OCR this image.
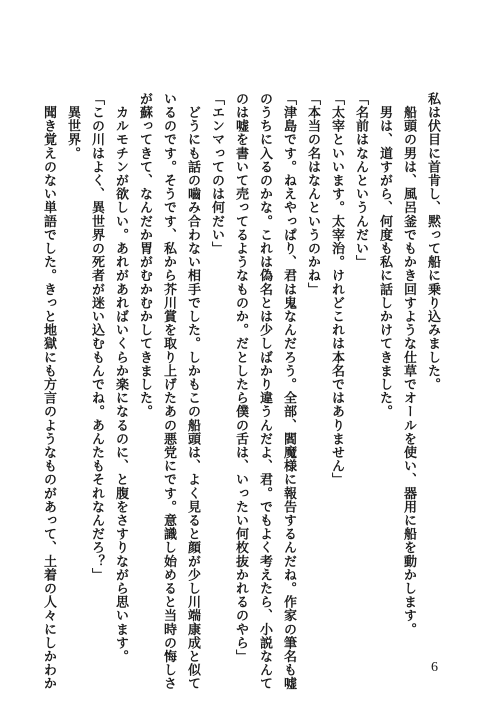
私は伏目に首肯し、黙って船に乗り込みました。
　船頭の男は、風呂釜でもかき回すような仕草でオールを使い、器用に船を動かします。
　男は、道すがら、何度も私に話しかけてきました。
「名前はなんというんだい」
「太宰といいます。太宰治。けれどこれは本名ではありません」
「本当の名はなんというのかね」
「津島です。ねえやっぱり、君は鬼なんだろう。全部、閻魔様に報告するんだね。作家の筆名も嘘
のうちに入るのかな。これは偽名とは少しばかり違うんだよ、君。でもよく考えたら、小説なんて
のは嘘を書いて売ってるようなものか。だとしたら僕の舌は、いったい何枚抜かれるのやら」
「エンマってのは何だい」
　どうにも話の嚙み合わない相手でした。しかもこの船頭は、よく見ると顔が少し川端康成と似て
いるのです。そうです、私から芥川賞を取り上げたあの悪党にです。意識し始めると当時の悔しさ
が蘇ってきて、なんだか胃がむかむかしてきました。
　カルモチンが欲しい。あれがあればいくらか楽になるのに、と腹をさすりながら思います。
「この川はよく、異世界の死者が迷い込むもんでね。あんたもそれなんだろ？」
　異世界。
　聞き覚えのない単語でした。きっと地獄にも方言のようなものがあって、土着の人々にしかわか	6
